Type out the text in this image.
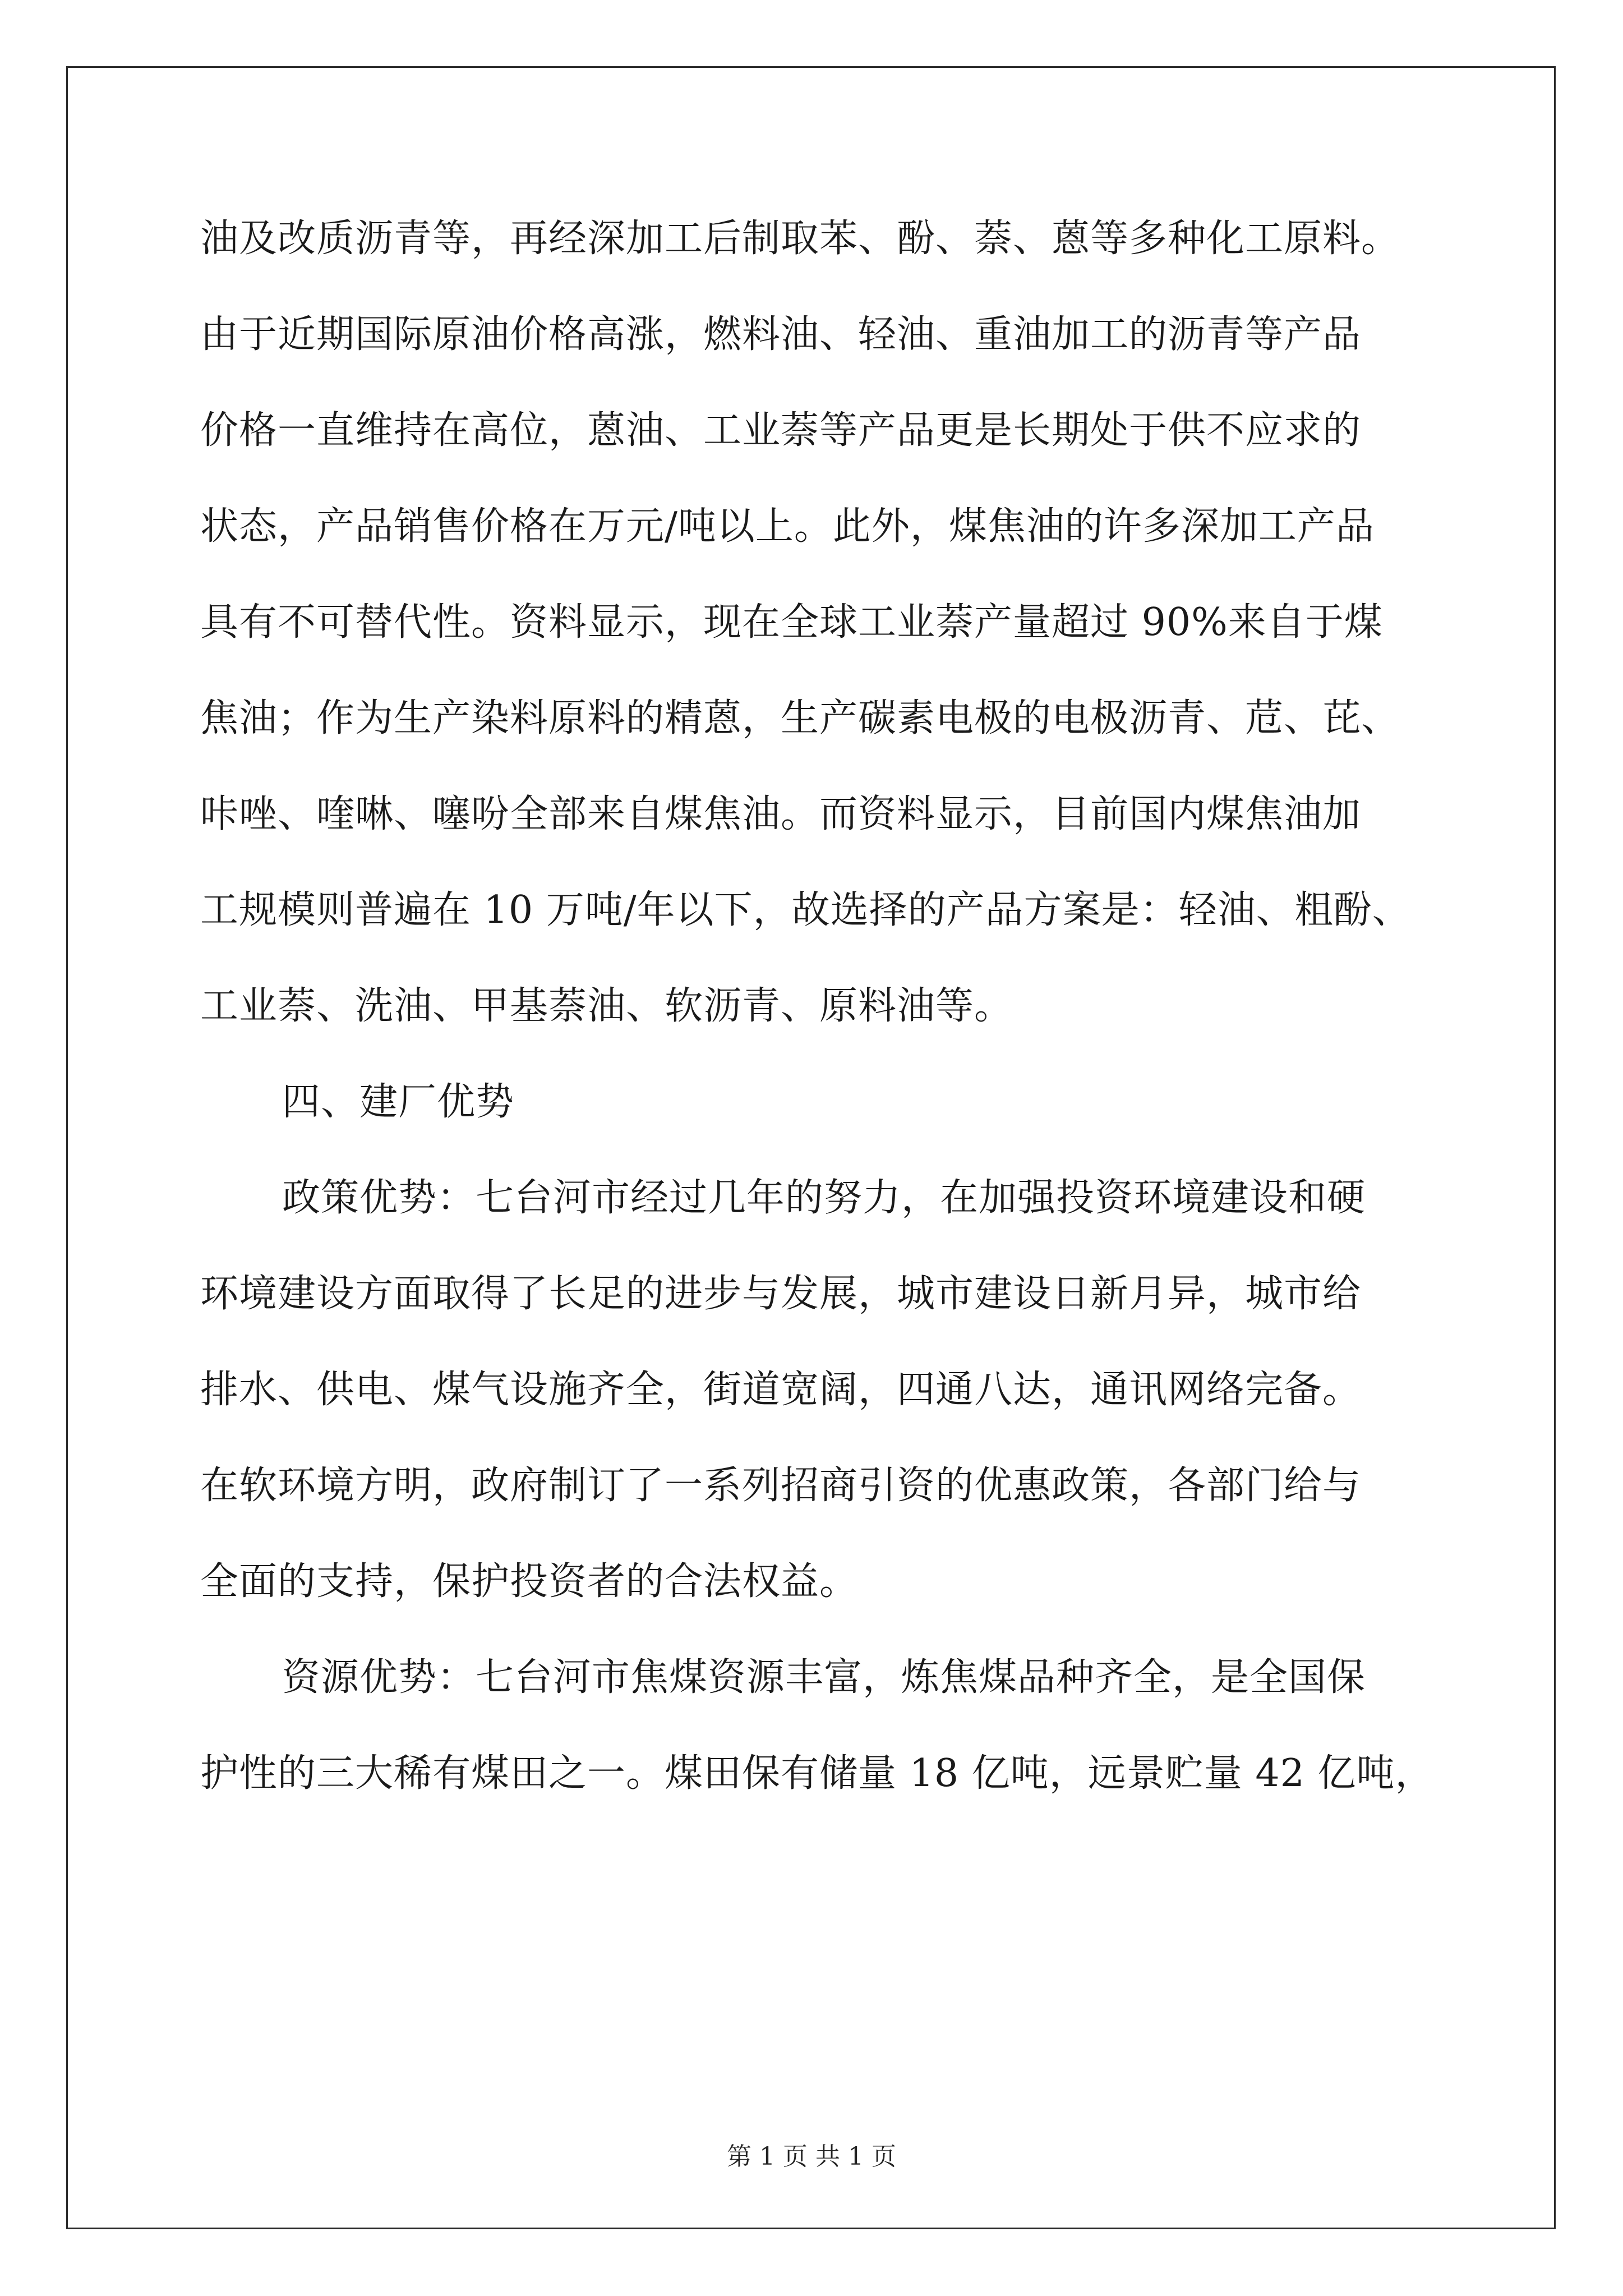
油及改质沥青等，再经深加工后制取苯、酚、萘、蒽等多种化工原料。
由于近期国际原油价格高涨，燃料油、轻油、重油加工的沥青等产品
价格一直维持在高位，蒽油、工业萘等产品更是长期处于供不应求的
状态，产品销售价格在万元/吨以上。此外，煤焦油的许多深加工产品
具有不可替代性。资料显示，现在全球工业萘产量超过 90%来自于煤
焦油；作为生产染料原料的精蒽，生产碳素电极的电极沥青、苊、芘、
咔唑、喹啉、噻吩全部来自煤焦油。而资料显示，目前国内煤焦油加
工规模则普遍在 10 万吨/年以下，故选择的产品方案是：轻油、粗酚、
工业萘、洗油、甲基萘油、软沥青、原料油等。
四、建厂优势
政策优势：七台河市经过几年的努力，在加强投资环境建设和硬
环境建设方面取得了长足的进步与发展，城市建设日新月异，城市给
排水、供电、煤气设施齐全，街道宽阔，四通八达，通讯网络完备。
在软环境方明，政府制订了一系列招商引资的优惠政策，各部门给与
全面的支持，保护投资者的合法权益。
资源优势：七台河市焦煤资源丰富，炼焦煤品种齐全，是全国保
护性的三大稀有煤田之一。煤田保有储量 18 亿吨，远景贮量 42 亿吨，
第 1 页 共 1 页
